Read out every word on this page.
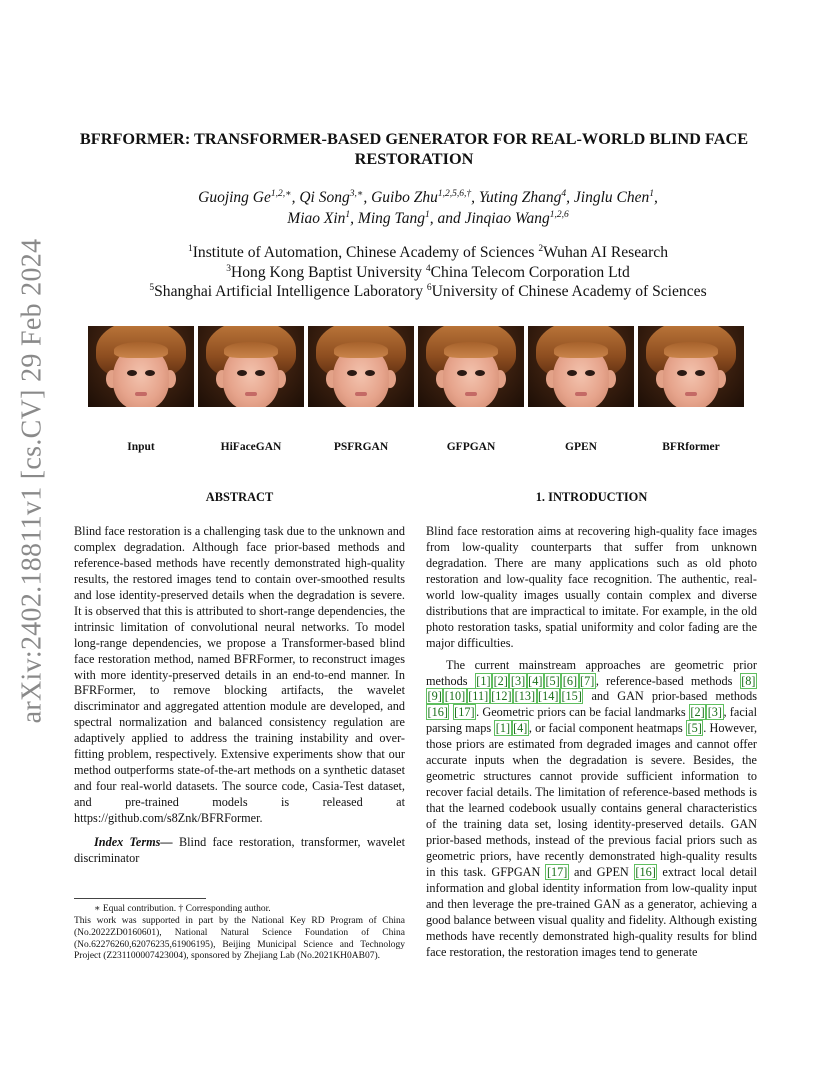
arXiv:2402.18811v1 [cs.CV] 29 Feb 2024
BFRFORMER: TRANSFORMER-BASED GENERATOR FOR REAL-WORLD BLIND FACE RESTORATION
Guojing $Ge^{1,2,∗}$, Qi Song$^{3,∗}$, Guibo Zhu$^{1,2,5,6,\dagger}$, Yuting Zhang$^4$, Jinglu Chen$^1$,
Miao Xin$^1$, Ming Tang$^1$, and Jinqiao Wang$^{1,2,6}$
$^1$Institute of Automation, Chinese Academy of Sciences $^2$Wuhan AI Research
$^3$Hong Kong Baptist University $^4$China Telecom Corporation Ltd
$^5$Shanghai Artificial Intelligence Laboratory $^6$University of Chinese Academy of Sciences
Input	HiFaceGAN	PSFRGAN	GFPGAN	GPEN	BFRformer
ABSTRACT

Blind face restoration is a challenging task due to the unknown and complex degradation. Although face prior-based methods and reference-based methods have recently demonstrated high-quality results, the restored images tend to contain over-smoothed results and lose identity-preserved details when the degradation is severe. It is observed that this is attributed to short-range dependencies, the intrinsic limitation of convolutional neural networks. To model long-range dependencies, we propose a Transformer-based blind face restoration method, named BFRFormer, to reconstruct images with more identity-preserved details in an end-to-end manner. In BFRFormer, to remove blocking artifacts, the wavelet discriminator and aggregated attention module are developed, and spectral normalization and balanced consistency regulation are adaptively applied to address the training instability and over-fitting problem, respectively. Extensive experiments show that our method outperforms state-of-the-art methods on a synthetic dataset and four real-world datasets. The source code, Casia-Test dataset, and pre-trained models is released at https://github.com/s8Znk/BFRFormer.

Index Terms— Blind face restoration, transformer, wavelet discriminator

∗ Equal contribution. † Corresponding author.

This work was supported in part by the National Key RD Program of China (No.2022ZD0160601), National Natural Science Foundation of China (No.62276260,62076235,61906195), Beijing Municipal Science and Technology Project (Z231100007423004), sponsored by Zhejiang Lab (No.2021KH0AB07).

1. INTRODUCTION

Blind face restoration aims at recovering high-quality face images from low-quality counterparts that suffer from unknown degradation. There are many applications such as old photo restoration and low-quality face recognition. The authentic, real-world low-quality images usually contain complex and diverse distributions that are impractical to imitate. For example, in the old photo restoration tasks, spatial uniformity and color fading are the major difficulties.

The current mainstream approaches are geometric prior methods [1] [2] [3] [4] [5] [6] [7] , reference-based methods [8][9] [10] [11] [12] [13] [14] [15] and GAN prior-based methods [16] [17] . Geometric priors can be facial landmarks [2] [3] , facial parsing maps [1] [4] , or facial component heatmaps [5] . However, those priors are estimated from degraded images and cannot offer accurate inputs when the degradation is severe. Besides, the geometric structures cannot provide sufficient information to recover facial details. The limitation of reference-based methods is that the learned codebook usually contains general characteristics of the training data set, losing identity-preserved details. GAN prior-based methods, instead of the previous facial priors such as geometric priors, have recently demonstrated high-quality results in this task. GFPGAN [17] and GPEN [16] extract local detail information and global identity information from low-quality input and then leverage the pre-trained GAN as a generator, achieving a good balance between visual quality and fidelity. Although existing methods have recently demonstrated high-quality results for blind face restoration, the restoration images tend to generate
